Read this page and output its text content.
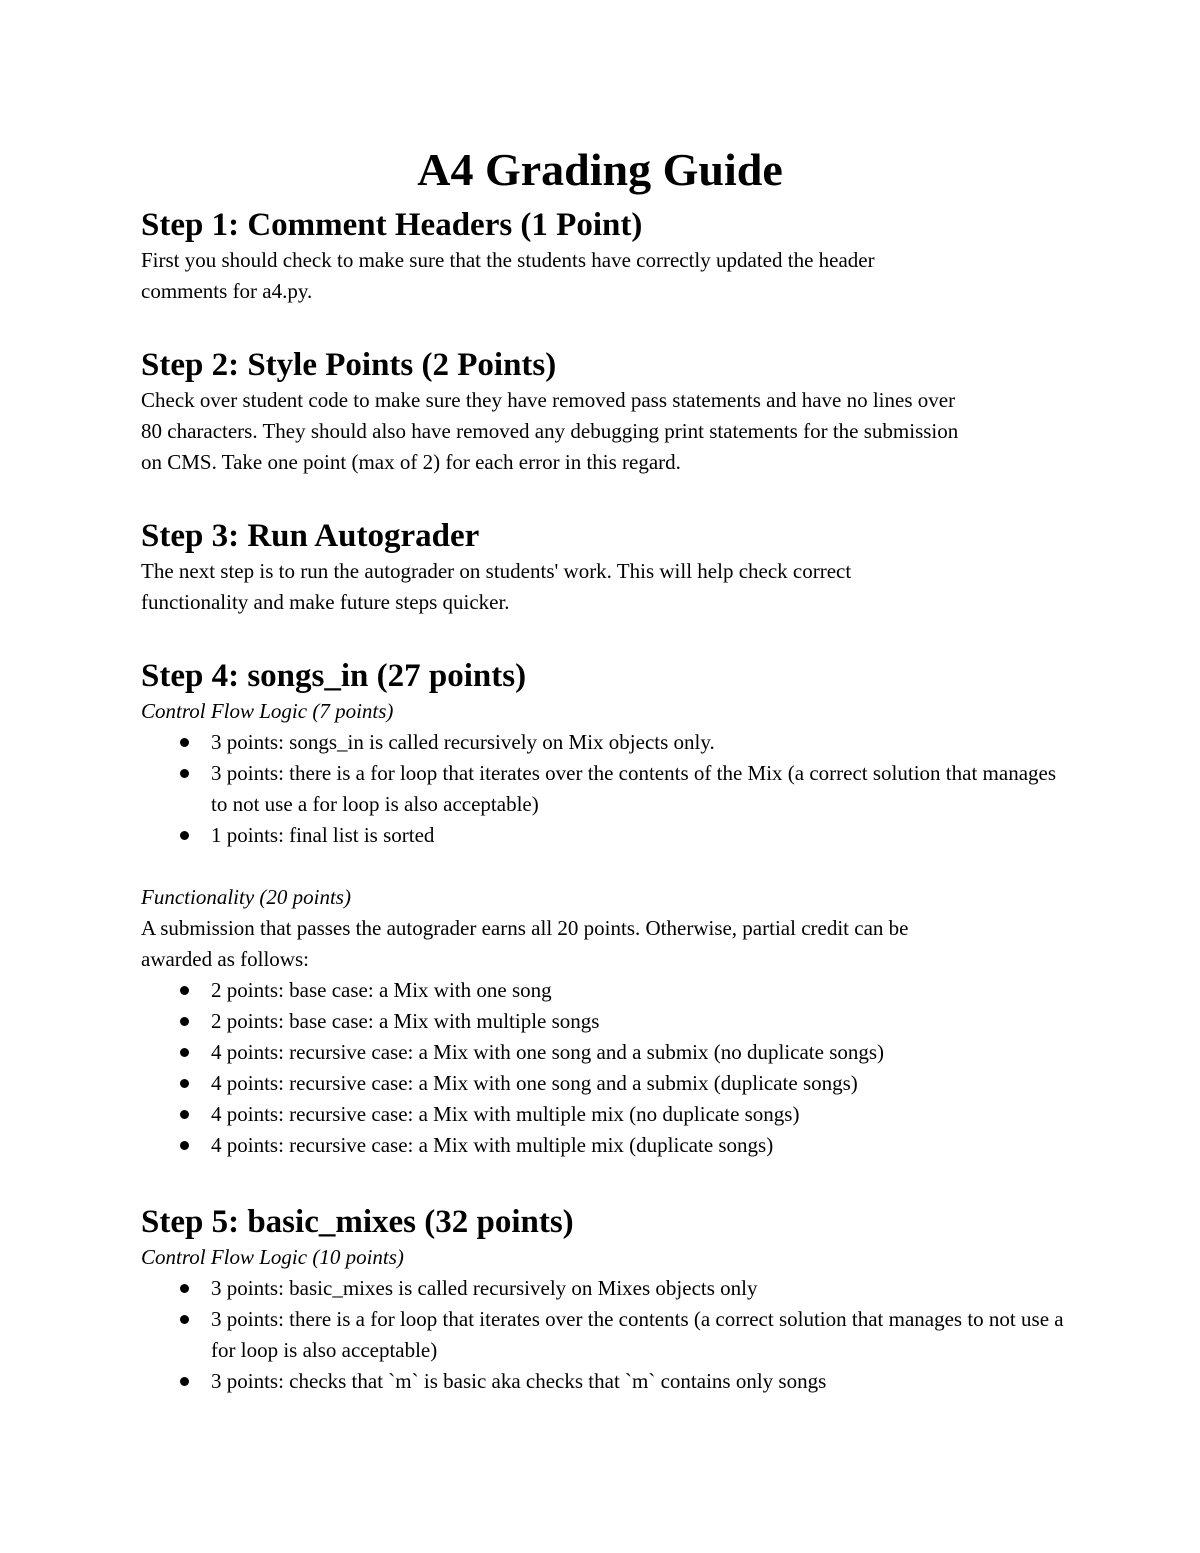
A4 Grading Guide
Step 1: Comment Headers (1 Point)

First you should check to make sure that the students have correctly updated the header
comments for a4.py.

Step 2: Style Points (2 Points)

Check over student code to make sure they have removed pass statements and have no lines over
80 characters. They should also have removed any debugging print statements for the submission
on CMS. Take one point (max of 2) for each error in this regard.

Step 3: Run Autograder

The next step is to run the autograder on students' work. This will help check correct
functionality and make future steps quicker.

Step 4: songs_in (27 points)

Control Flow Logic (7 points)

3 points: songs_in is called recursively on Mix objects only.
3 points: there is a for loop that iterates over the contents of the Mix (a correct solution that manages to not use a for loop is also acceptable)
1 points: final list is sorted

Functionality (20 points)

A submission that passes the autograder earns all 20 points. Otherwise, partial credit can be
awarded as follows:

2 points: base case: a Mix with one song
2 points: base case: a Mix with multiple songs
4 points: recursive case: a Mix with one song and a submix (no duplicate songs)
4 points: recursive case: a Mix with one song and a submix (duplicate songs)
4 points: recursive case: a Mix with multiple mix (no duplicate songs)
4 points: recursive case: a Mix with multiple mix (duplicate songs)
Step 5: basic_mixes (32 points)

Control Flow Logic (10 points)

3 points: basic_mixes is called recursively on Mixes objects only
3 points: there is a for loop that iterates over the contents (a correct solution that manages to not use a for loop is also acceptable)
3 points: checks that `m` is basic aka checks that `m` contains only songs
